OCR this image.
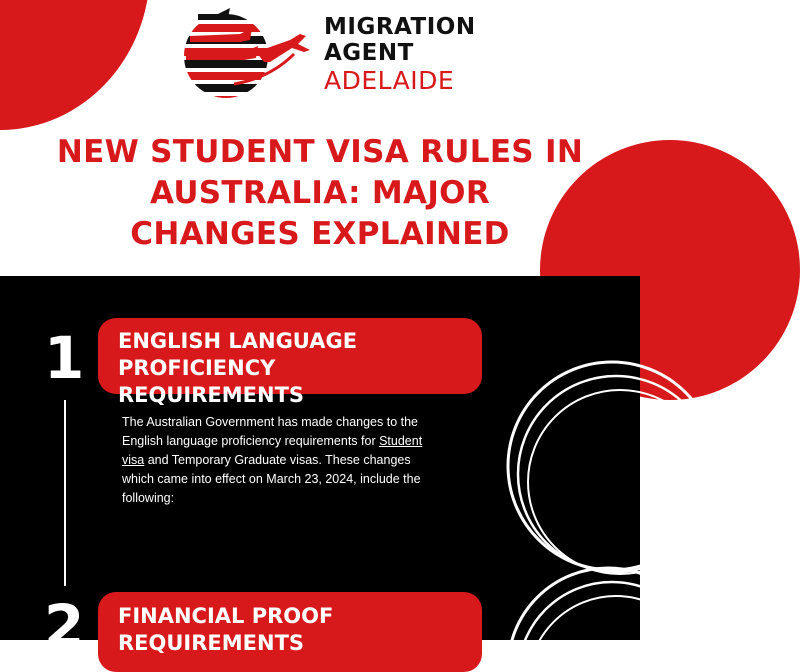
MIGRATION
AGENT
ADELAIDE
NEW STUDENT VISA RULES IN
AUSTRALIA: MAJOR
CHANGES EXPLAINED
1 ENGLISH LANGUAGE
PROFICIENCY REQUIREMENTS

The Australian Government has made changes to the English language proficiency requirements for Student visa and Temporary Graduate visas. These changes which came into effect on March 23, 2024, include the following:

2 FINANCIAL PROOF
REQUIREMENTS
